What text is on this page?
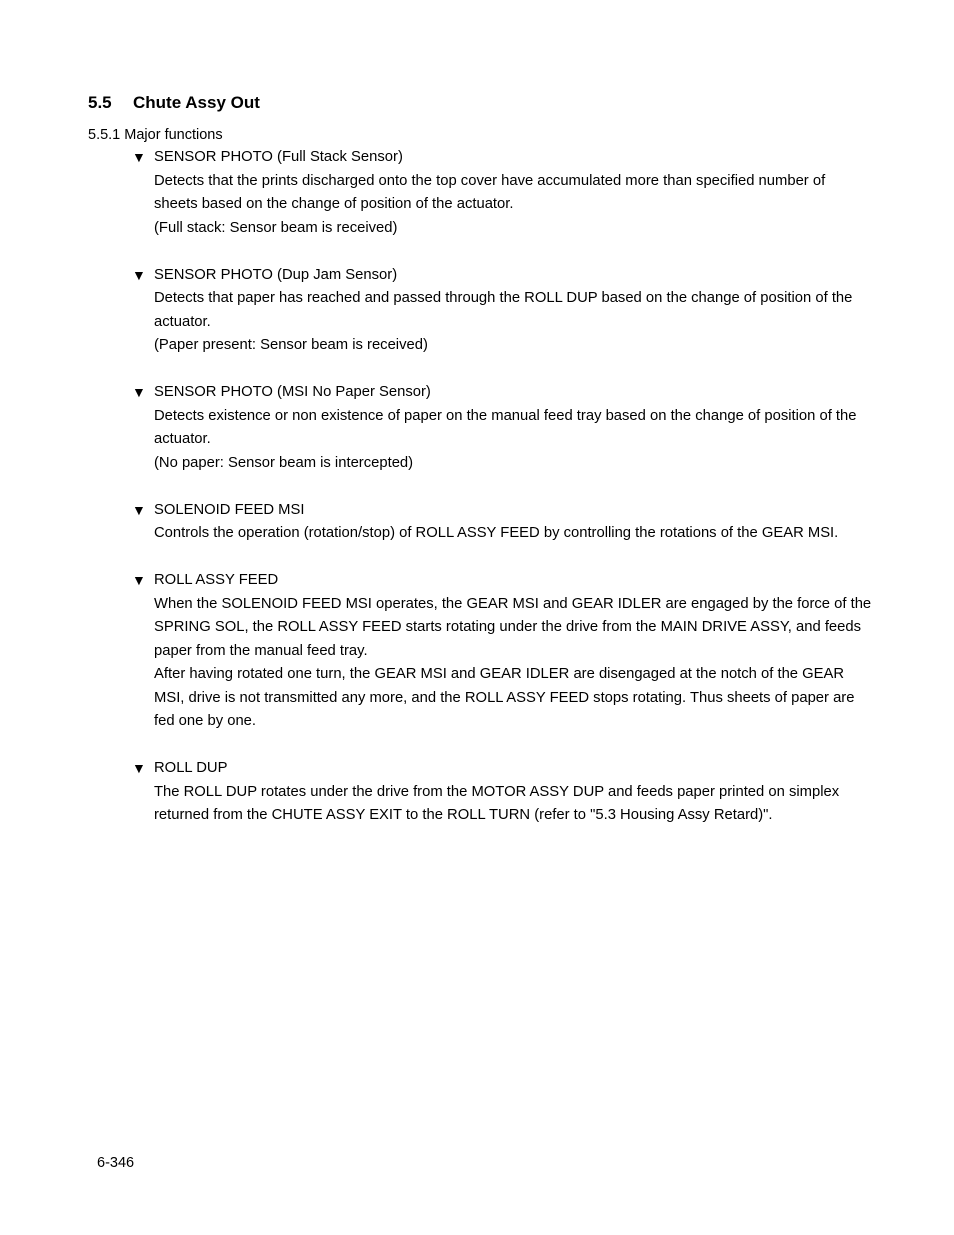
5.5 Chute Assy Out
5.5.1 Major functions
▼ SENSOR PHOTO (Full Stack Sensor)
Detects that the prints discharged onto the top cover have accumulated more than specified number of sheets based on the change of position of the actuator.
(Full stack: Sensor beam is received)
▼ SENSOR PHOTO (Dup Jam Sensor)
Detects that paper has reached and passed through the ROLL DUP based on the change of position of the actuator.
(Paper present: Sensor beam is received)
▼ SENSOR PHOTO (MSI No Paper Sensor)
Detects existence or non existence of paper on the manual feed tray based on the change of position of the actuator.
(No paper: Sensor beam is intercepted)
▼ SOLENOID FEED MSI
Controls the operation (rotation/stop) of ROLL ASSY FEED by controlling the rotations of the GEAR MSI.
▼ ROLL ASSY FEED
When the SOLENOID FEED MSI operates, the GEAR MSI and GEAR IDLER are engaged by the force of the SPRING SOL, the ROLL ASSY FEED starts rotating under the drive from the MAIN DRIVE ASSY, and feeds paper from the manual feed tray.
After having rotated one turn, the GEAR MSI and GEAR IDLER are disengaged at the notch of the GEAR MSI, drive is not transmitted any more, and the ROLL ASSY FEED stops rotating. Thus sheets of paper are fed one by one.
▼ ROLL DUP
The ROLL DUP rotates under the drive from the MOTOR ASSY DUP and feeds paper printed on simplex returned from the CHUTE ASSY EXIT to the ROLL TURN (refer to "5.3 Housing Assy Retard)".
6-346
